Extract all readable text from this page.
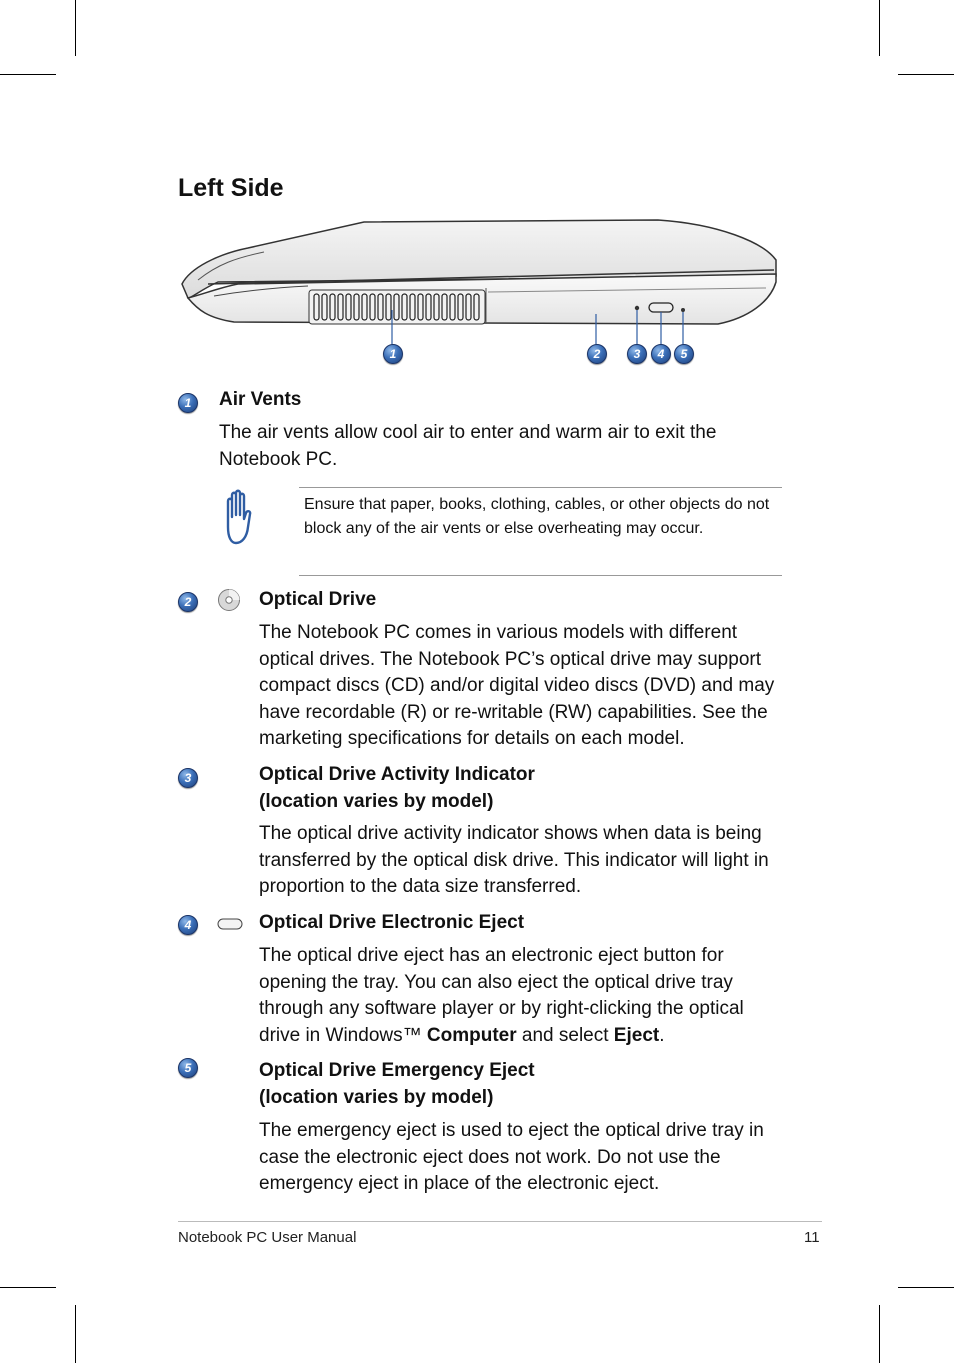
Left Side
1	2	3	4	5
1	Air Vents
The air vents allow cool air to enter and warm air to exit the Notebook PC.
Ensure that paper, books, clothing, cables, or other objects do not block any of the air vents or else overheating may occur.
2	Optical Drive
The Notebook PC comes in various models with different optical drives. The Notebook PC’s optical drive may support compact discs (CD) and/or digital video discs (DVD) and may have recordable (R) or re-writable (RW) capabilities. See the marketing specifications for details on each model.
3	Optical Drive Activity Indicator
(location varies by model)
The optical drive activity indicator shows when data is being transferred by the optical disk drive. This indicator will light in proportion to the data size transferred.
4	Optical Drive Electronic Eject
The optical drive eject has an electronic eject button for opening the tray. You can also eject the optical drive tray through any software player or by right-clicking the optical drive in Windows™ Computer and select Eject.
5	Optical Drive Emergency Eject
(location varies by model)
The emergency eject is used to eject the optical drive tray in case the electronic eject does not work. Do not use the emergency eject in place of the electronic eject.
Notebook PC User Manual	11
